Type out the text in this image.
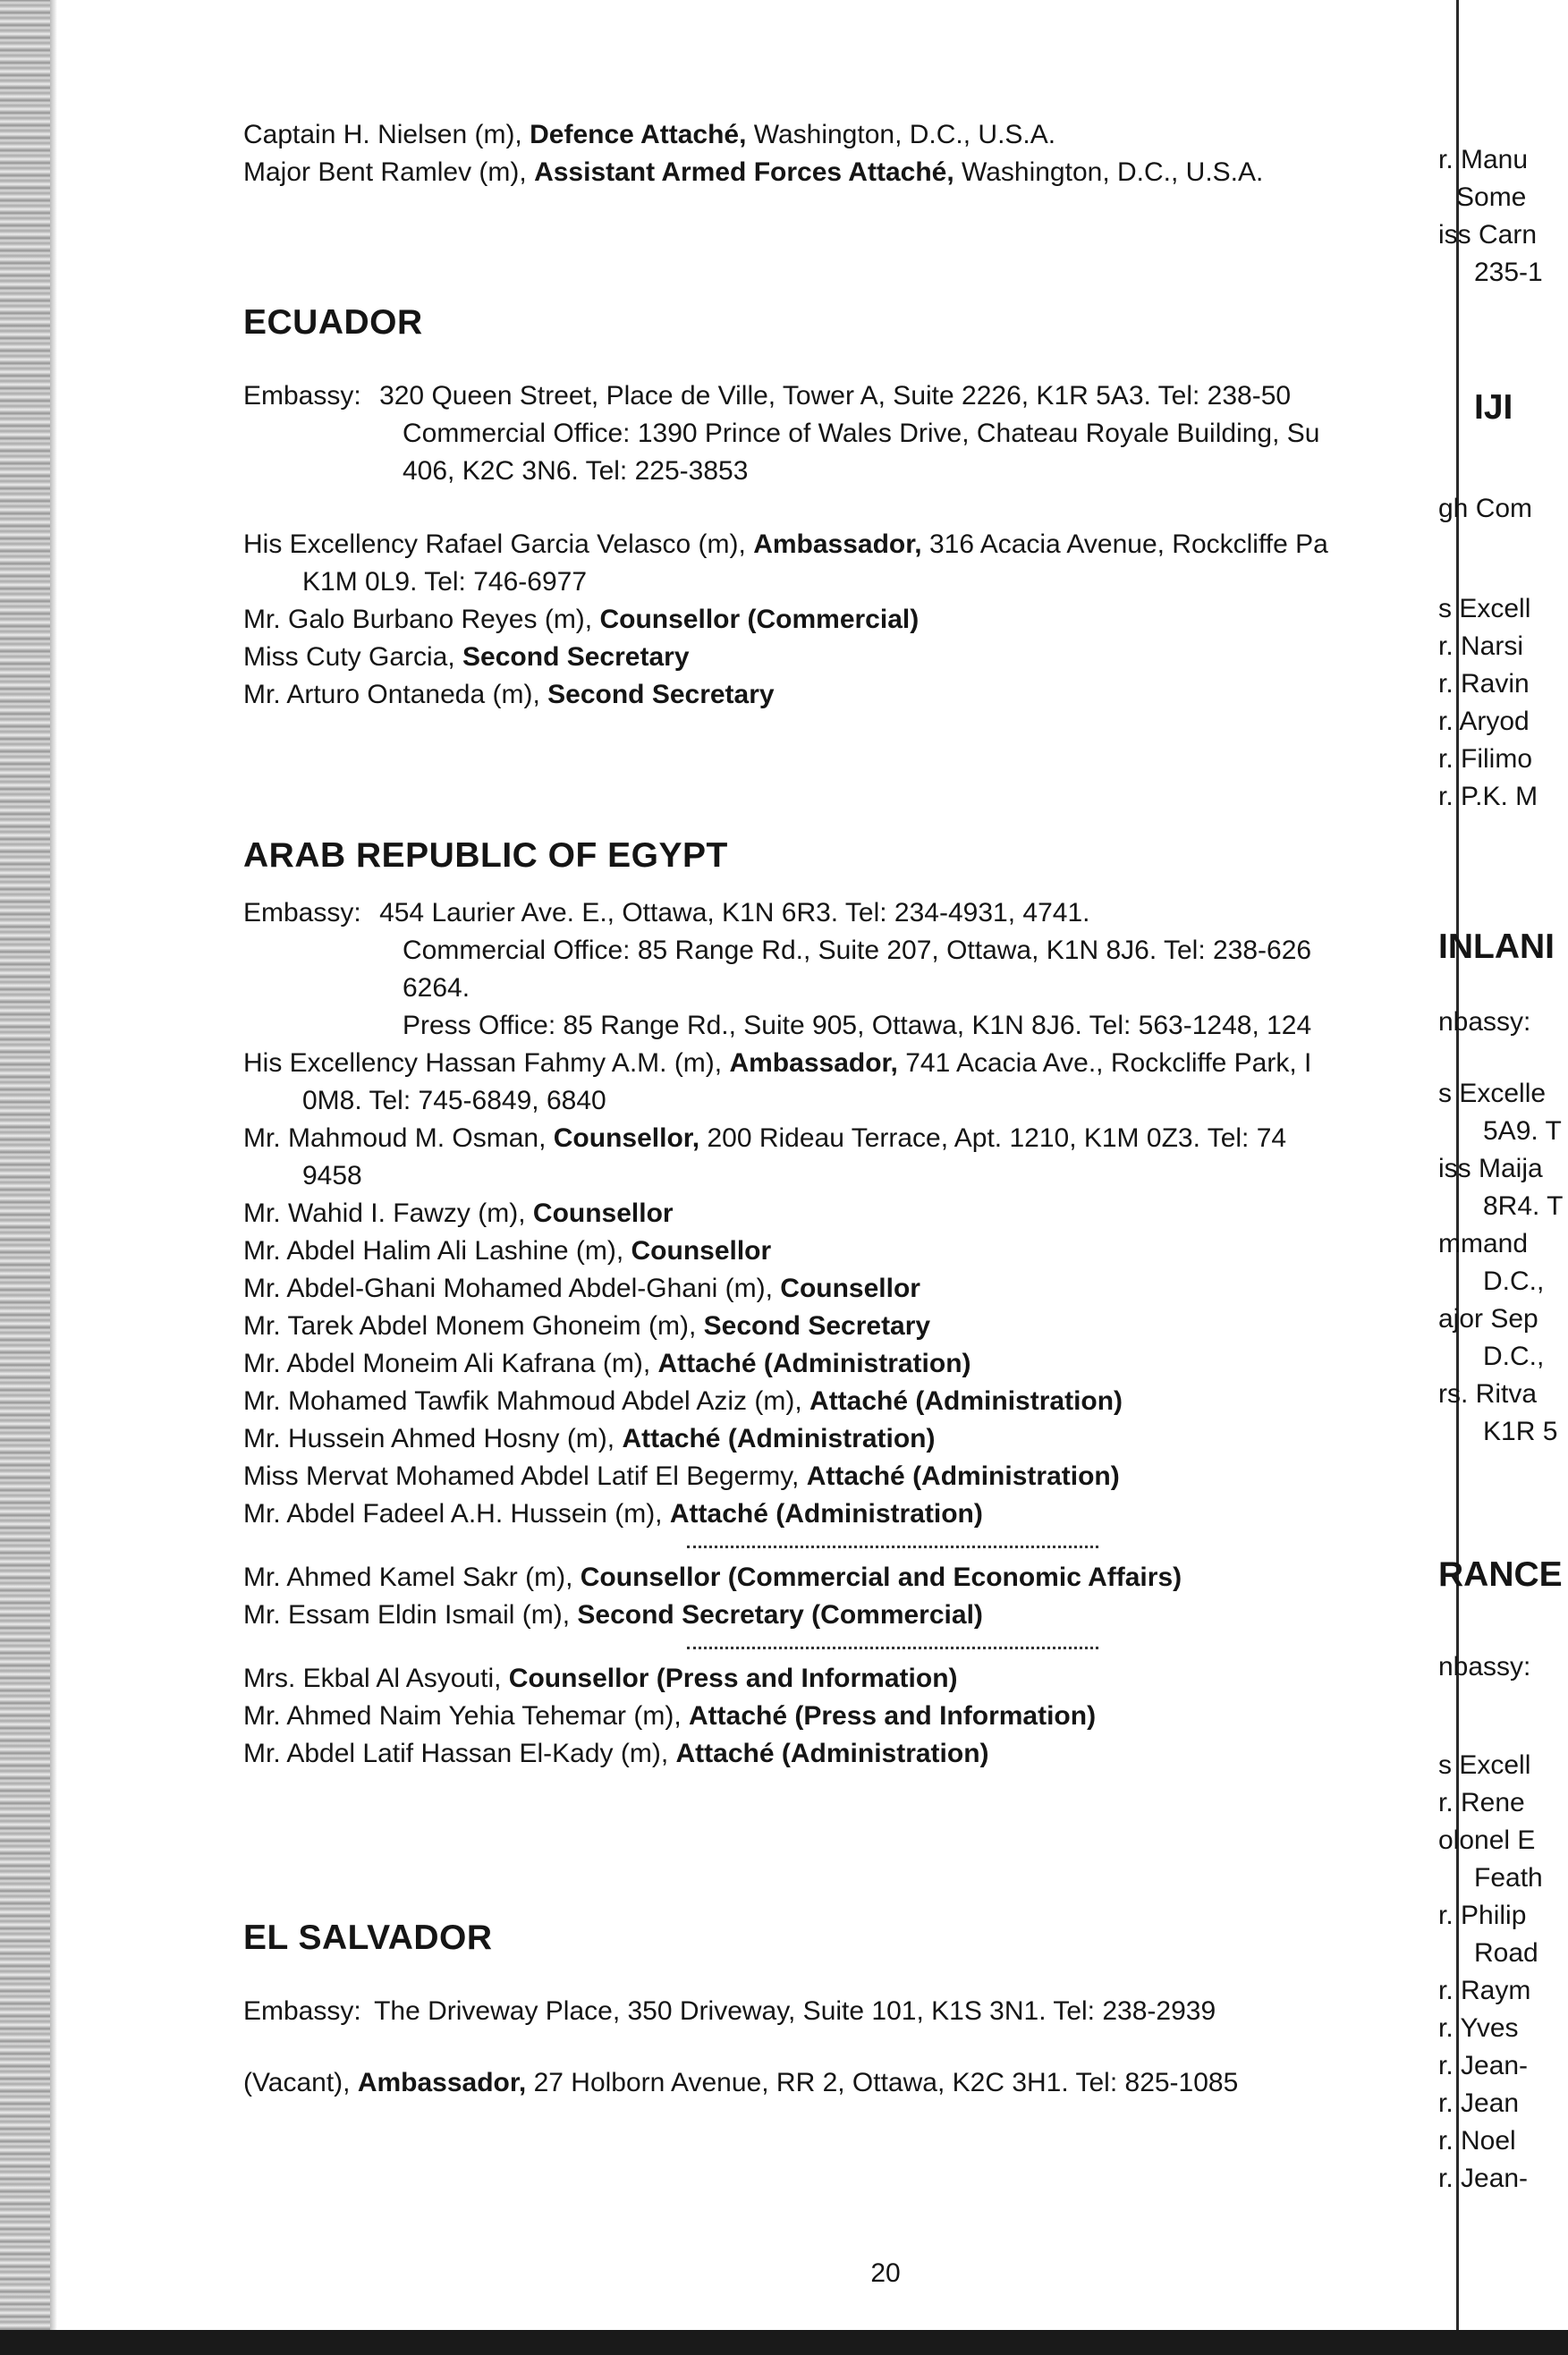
Captain H. Nielsen (m), Defence Attaché, Washington, D.C., U.S.A.
Major Bent Ramlev (m), Assistant Armed Forces Attaché, Washington, D.C., U.S.A.
ECUADOR
Embassy: 320 Queen Street, Place de Ville, Tower A, Suite 2226, K1R 5A3. Tel: 238-50
Commercial Office: 1390 Prince of Wales Drive, Chateau Royale Building, Su
406, K2C 3N6. Tel: 225-3853
His Excellency Rafael Garcia Velasco (m), Ambassador, 316 Acacia Avenue, Rockcliffe Pa
K1M 0L9. Tel: 746-6977
Mr. Galo Burbano Reyes (m), Counsellor (Commercial)
Miss Cuty Garcia, Second Secretary
Mr. Arturo Ontaneda (m), Second Secretary
ARAB REPUBLIC OF EGYPT
Embassy: 454 Laurier Ave. E., Ottawa, K1N 6R3. Tel: 234-4931, 4741.
Commercial Office: 85 Range Rd., Suite 207, Ottawa, K1N 8J6. Tel: 238-626
6264.
Press Office: 85 Range Rd., Suite 905, Ottawa, K1N 8J6. Tel: 563-1248, 124
His Excellency Hassan Fahmy A.M. (m), Ambassador, 741 Acacia Ave., Rockcliffe Park, I
0M8. Tel: 745-6849, 6840
Mr. Mahmoud M. Osman, Counsellor, 200 Rideau Terrace, Apt. 1210, K1M 0Z3. Tel: 74
9458
Mr. Wahid I. Fawzy (m), Counsellor
Mr. Abdel Halim Ali Lashine (m), Counsellor
Mr. Abdel-Ghani Mohamed Abdel-Ghani (m), Counsellor
Mr. Tarek Abdel Monem Ghoneim (m), Second Secretary
Mr. Abdel Moneim Ali Kafrana (m), Attaché (Administration)
Mr. Mohamed Tawfik Mahmoud Abdel Aziz (m), Attaché (Administration)
Mr. Hussein Ahmed Hosny (m), Attaché (Administration)
Miss Mervat Mohamed Abdel Latif El Begermy, Attaché (Administration)
Mr. Abdel Fadeel A.H. Hussein (m), Attaché (Administration)
Mr. Ahmed Kamel Sakr (m), Counsellor (Commercial and Economic Affairs)
Mr. Essam Eldin Ismail (m), Second Secretary (Commercial)
Mrs. Ekbal Al Asyouti, Counsellor (Press and Information)
Mr. Ahmed Naim Yehia Tehemar (m), Attaché (Press and Information)
Mr. Abdel Latif Hassan El-Kady (m), Attaché (Administration)
EL SALVADOR
Embassy: The Driveway Place, 350 Driveway, Suite 101, K1S 3N1. Tel: 238-2939
(Vacant), Ambassador, 27 Holborn Avenue, RR 2, Ottawa, K2C 3H1. Tel: 825-1085
r. Manu
Some
iss Carn
235-1
IJI
gh Com
s Excell
r. Narsi
r. Ravin
r. Aryod
r. Filimo
r. P.K. M
INLANI
nbassy:
s Excelle
5A9. T
iss Maija
8R4. T
mmand
D.C.,
ajor Sep
D.C.,
rs. Ritva
K1R 5
RANCE
nbassy:
s Excell
r. Rene
olonel E
Feath
r. Philip
Road
r. Raym
r. Yves
r. Jean-
r. Jean
r. Noel
r. Jean-
20
